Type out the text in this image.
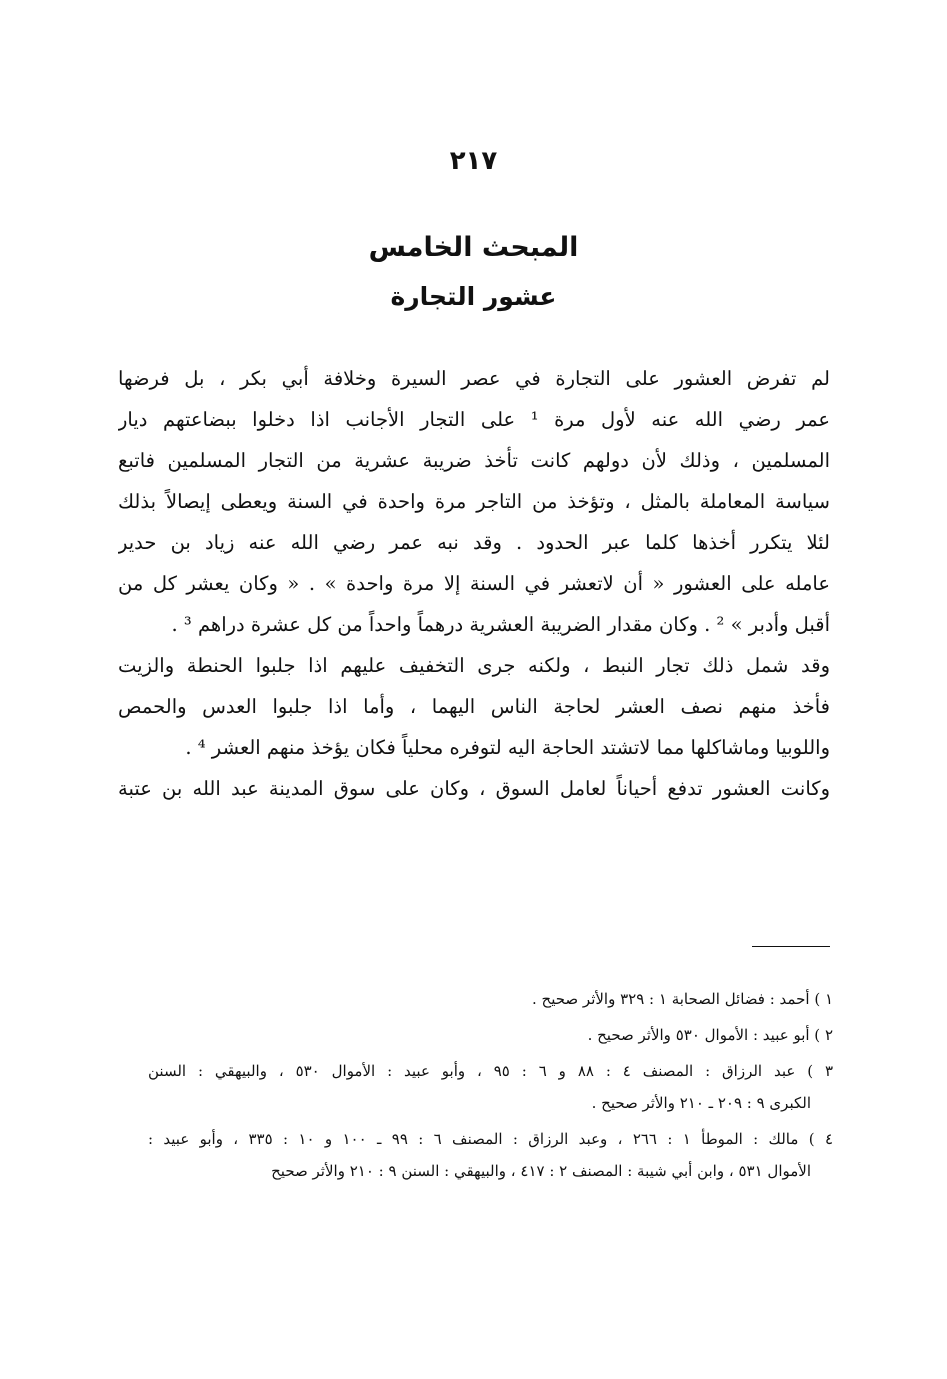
٢١٧
المبحث الخامس
عشور التجارة
لم تفرض العشور على التجارة في عصر السيرة وخلافة أبي بكر ، بل فرضها
عمر رضي الله عنه لأول مرة ¹ على التجار الأجانب اذا دخلوا ببضاعتهم ديار
المسلمين ، وذلك لأن دولهم كانت تأخذ ضريبة عشرية من التجار المسلمين فاتبع
سياسة المعاملة بالمثل ، وتؤخذ من التاجر مرة واحدة في السنة ويعطى إيصالاً بذلك
لئلا يتكرر أخذها كلما عبر الحدود . وقد نبه عمر رضي الله عنه زياد بن حدير
عامله على العشور « أن لاتعشر في السنة إلا مرة واحدة » . « وكان يعشر كل من
أقبل وأدبر » ² . وكان مقدار الضريبة العشرية درهماً واحداً من كل عشرة دراهم ³ .
وقد شمل ذلك تجار النبط ، ولكنه جرى التخفيف عليهم اذا جلبوا الحنطة والزيت
فأخذ منهم نصف العشر لحاجة الناس اليهما ، وأما اذا جلبوا العدس والحمص
واللوبيا وماشاكلها مما لاتشتد الحاجة اليه لتوفره محلياً فكان يؤخذ منهم العشر ⁴ .
وكانت العشور تدفع أحياناً لعامل السوق ، وكان على سوق المدينة عبد الله بن عتبة
١ ) أحمد : فضائل الصحابة ١ : ٣٢٩ والأثر صحيح .
٢ ) أبو عبيد : الأموال ٥٣٠ والأثر صحيح .
٣ ) عبد الرزاق : المصنف ٤ : ٨٨ و ٦ : ٩٥ ، وأبو عبيد : الأموال ٥٣٠ ، والبيهقي : السنن
الكبرى ٩ : ٢٠٩ ـ ٢١٠ والأثر صحيح .
٤ ) مالك : الموطأ ١ : ٢٦٦ ، وعبد الرزاق : المصنف ٦ : ٩٩ ـ ١٠٠ و ١٠ : ٣٣٥ ، وأبو عبيد :
الأموال ٥٣١ ، وابن أبي شيبة : المصنف ٢ : ٤١٧ ، والبيهقي : السنن ٩ : ٢١٠ والأثر صحيح
